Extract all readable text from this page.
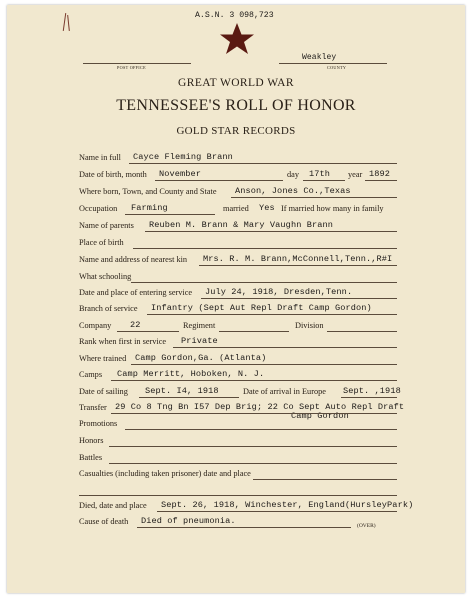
A.S.N. 3 098,723
POST OFFICE
Weakley
COUNTY
GREAT WORLD WAR
TENNESSEE'S ROLL OF HONOR
GOLD STAR RECORDS
Name in full Cayce Fleming Brann
Date of birth, month November	day 17th year 1892
Where born, Town, and County and State Anson, Jones Co.,Texas
Occupation Farming	married Yes If married how many in family
Name of parents Reuben M. Brann & Mary Vaughn Brann
Place of birth
Name and address of nearest kin Mrs. R. M. Brann,McConnell,Tenn.,R#I
What schooling
Date and place of entering service July 24, 1918, Dresden,Tenn.
Branch of service Infantry (Sept Aut Repl Draft Camp Gordon)
Company 22	Regiment	Division
Rank when first in service Private
Where trained Camp Gordon,Ga. (Atlanta)
Camps Camp Merritt, Hoboken, N. J.
Date of sailing Sept. I4, 1918	Date of arrival in Europe Sept. ,1918
Transfer 29 Co 8 Tng Bn I57 Dep Brig; 22 Co Sept Auto Repl Draft
Camp Gordon
Promotions
Honors
Battles
Casualties (including taken prisoner) date and place
Died, date and place Sept. 26, 1918, Winchester, England(HursleyPark)
Cause of death Died of pneumonia.	(OVER)
